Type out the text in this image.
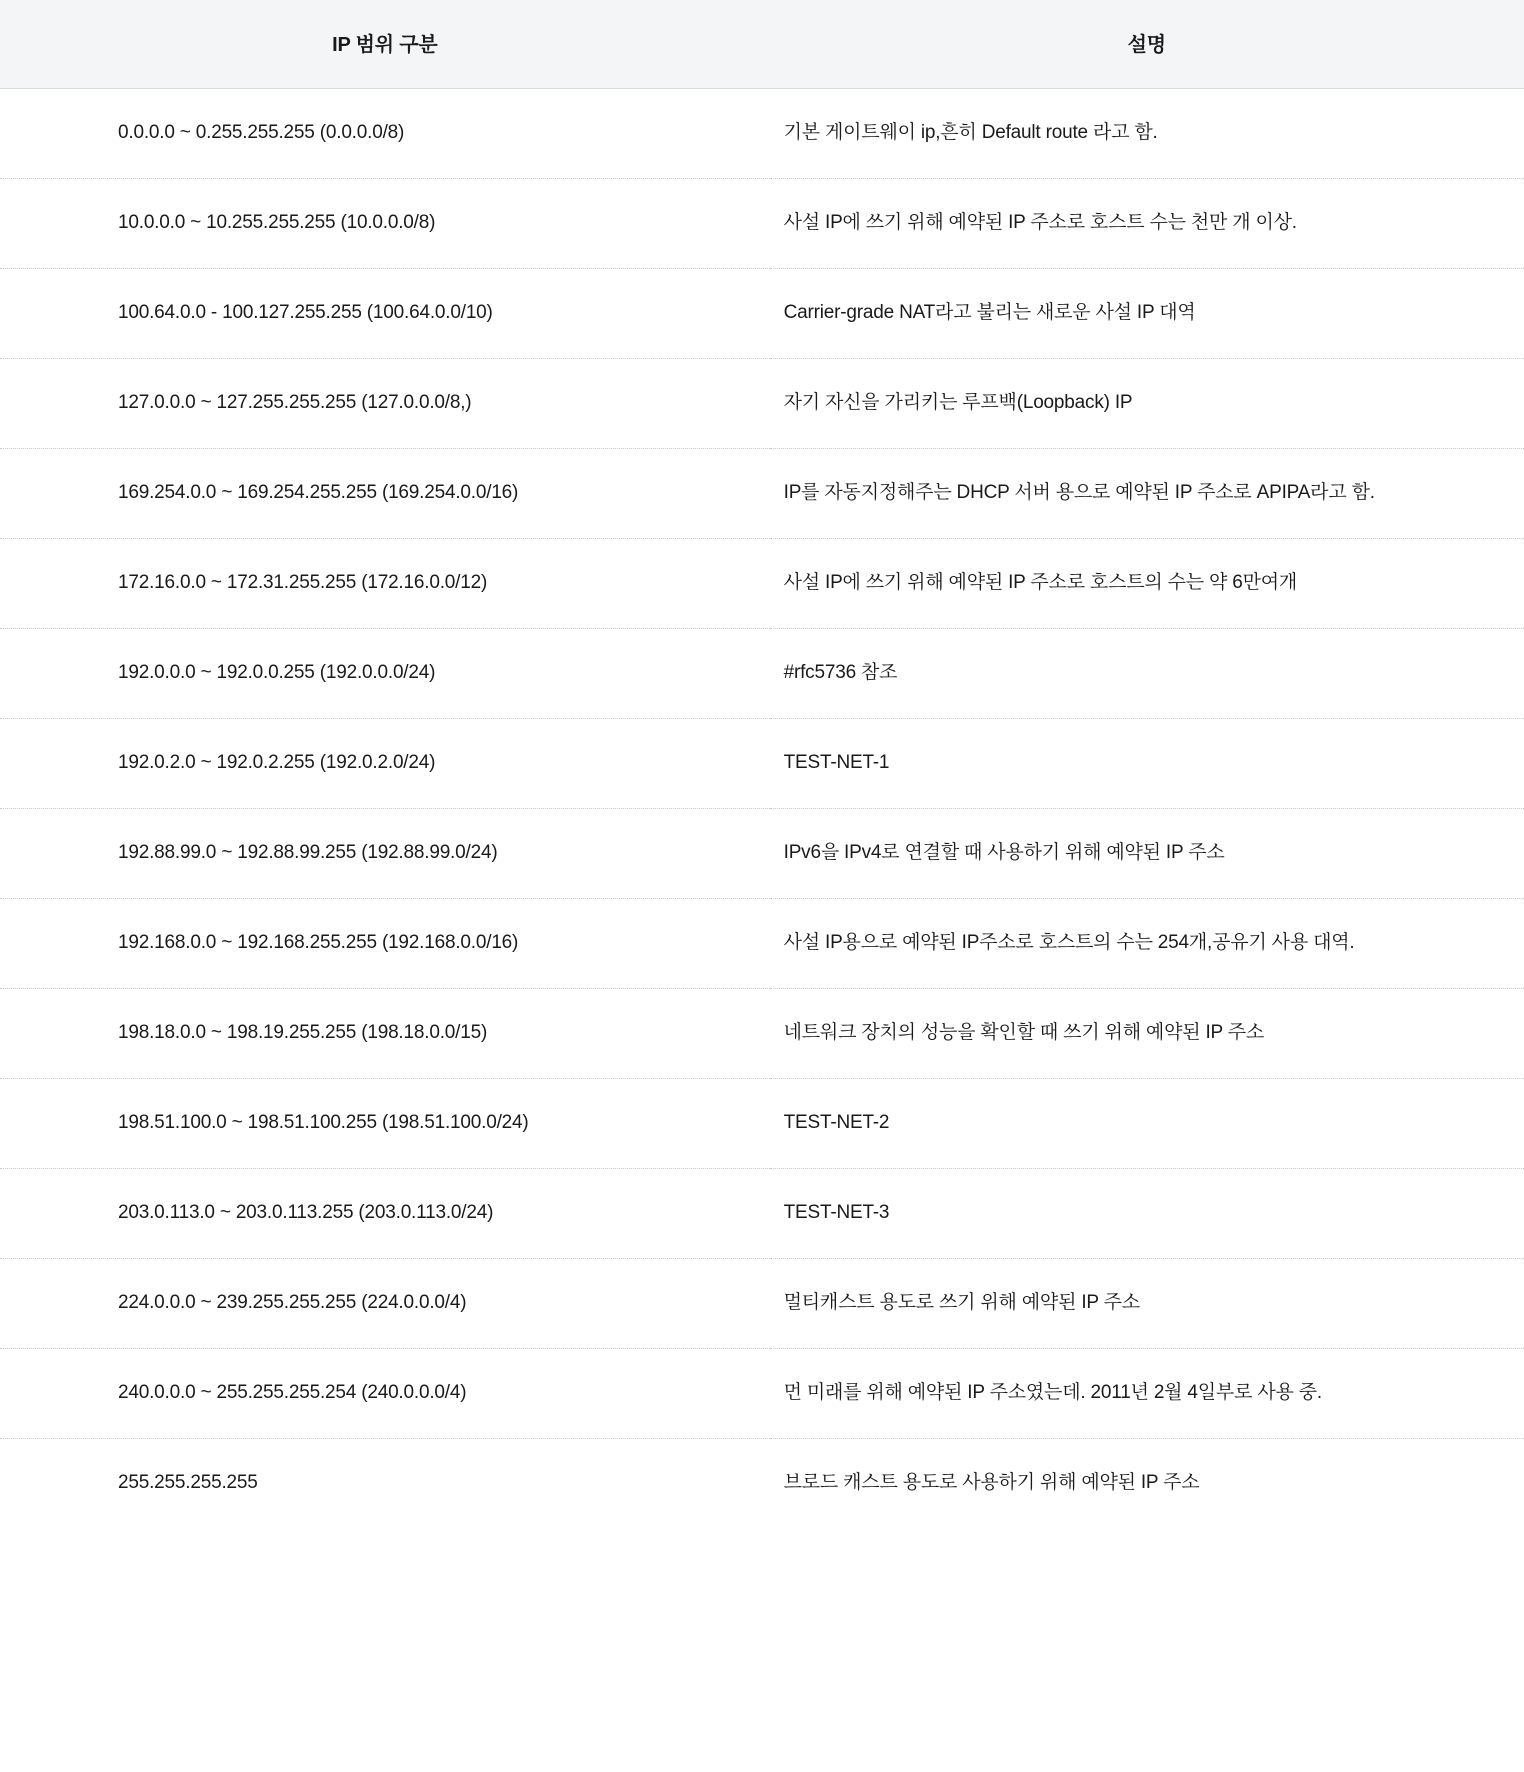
IP 범위 구분	설명
0.0.0.0 ~ 0.255.255.255 (0.0.0.0/8)	기본 게이트웨이 ip,흔히 Default route 라고 함.
10.0.0.0 ~ 10.255.255.255 (10.0.0.0/8)	사설 IP에 쓰기 위해 예약된 IP 주소로 호스트 수는 천만 개 이상.
100.64.0.0 - 100.127.255.255 (100.64.0.0/10)	Carrier-grade NAT라고 불리는 새로운 사설 IP 대역
127.0.0.0 ~ 127.255.255.255 (127.0.0.0/8,)	자기 자신을 가리키는 루프백(Loopback) IP
169.254.0.0 ~ 169.254.255.255 (169.254.0.0/16)	IP를 자동지정해주는 DHCP 서버 용으로 예약된 IP 주소로 APIPA라고 함.
172.16.0.0 ~ 172.31.255.255 (172.16.0.0/12)	사설 IP에 쓰기 위해 예약된 IP 주소로 호스트의 수는 약 6만여개
192.0.0.0 ~ 192.0.0.255 (192.0.0.0/24)	#rfc5736 참조
192.0.2.0 ~ 192.0.2.255 (192.0.2.0/24)	TEST-NET-1
192.88.99.0 ~ 192.88.99.255 (192.88.99.0/24)	IPv6을 IPv4로 연결할 때 사용하기 위해 예약된 IP 주소
192.168.0.0 ~ 192.168.255.255 (192.168.0.0/16)	사설 IP용으로 예약된 IP주소로 호스트의 수는 254개,공유기 사용 대역.
198.18.0.0 ~ 198.19.255.255 (198.18.0.0/15)	네트워크 장치의 성능을 확인할 때 쓰기 위해 예약된 IP 주소
198.51.100.0 ~ 198.51.100.255 (198.51.100.0/24)	TEST-NET-2
203.0.113.0 ~ 203.0.113.255 (203.0.113.0/24)	TEST-NET-3
224.0.0.0 ~ 239.255.255.255 (224.0.0.0/4)	멀티캐스트 용도로 쓰기 위해 예약된 IP 주소
240.0.0.0 ~ 255.255.255.254 (240.0.0.0/4)	먼 미래를 위해 예약된 IP 주소였는데. 2011년 2월 4일부로 사용 중.
255.255.255.255	브로드 캐스트 용도로 사용하기 위해 예약된 IP 주소
